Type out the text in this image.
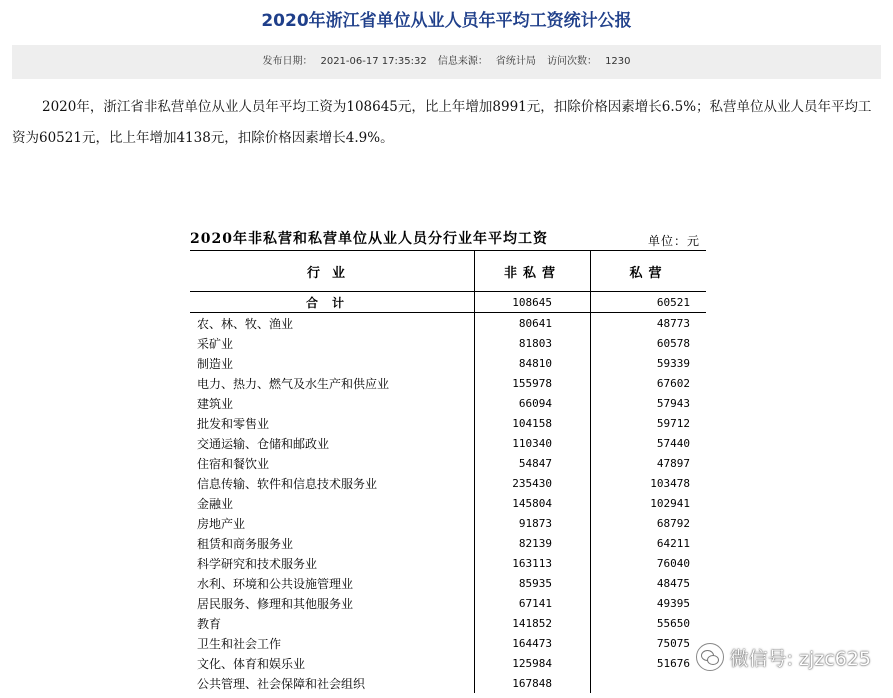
2020年浙江省单位从业人员年平均工资统计公报
发布日期： 2021-06-17 17:35:32 信息来源： 省统计局 访问次数： 1230
2020年，浙江省非私营单位从业人员年平均工资为108645元，比上年增加8991元，扣除价格因素增长6.5%；私营单位从业人员年平均工资为60521元，比上年增加4138元，扣除价格因素增长4.9%。
2020年非私营和私营单位从业人员分行业年平均工资	单位：元
行业	非私营	私营
合计	108645	60521
农、林、牧、渔业	80641	48773
采矿业	81803	60578
制造业	84810	59339
电力、热力、燃气及水生产和供应业	155978	67602
建筑业	66094	57943
批发和零售业	104158	59712
交通运输、仓储和邮政业	110340	57440
住宿和餐饮业	54847	47897
信息传输、软件和信息技术服务业	235430	103478
金融业	145804	102941
房地产业	91873	68792
租赁和商务服务业	82139	64211
科学研究和技术服务业	163113	76040
水利、环境和公共设施管理业	85935	48475
居民服务、修理和其他服务业	67141	49395
教育	141852	55650
卫生和社会工作	164473	75075
文化、体育和娱乐业	125984	51676
公共管理、社会保障和社会组织	167848
微信号: zjzc625
